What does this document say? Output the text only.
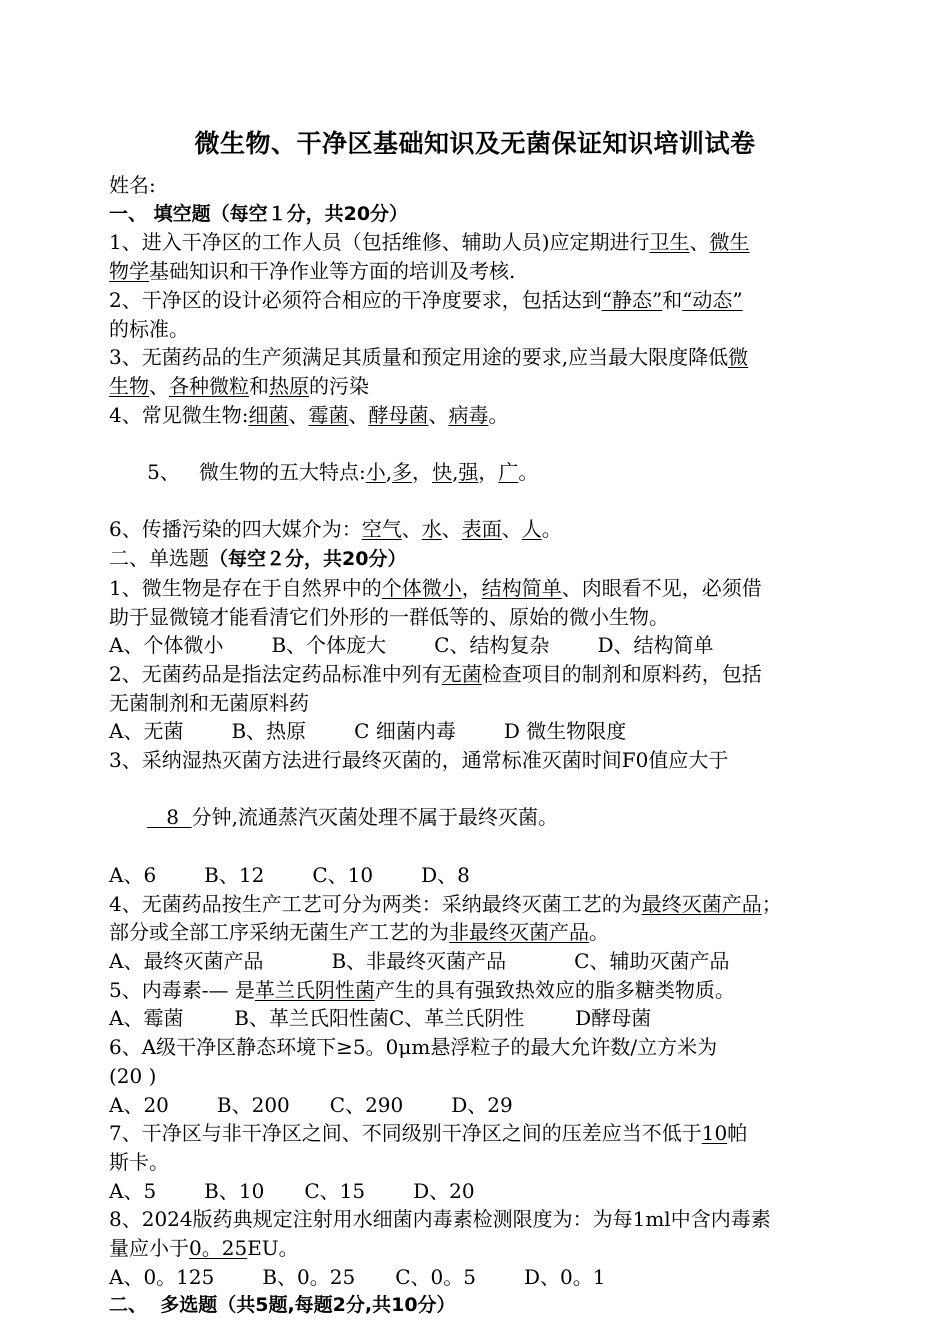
微生物、干净区基础知识及无菌保证知识培训试卷
姓名:
一、 填空题（每空１分，共20分）
1、进入干净区的工作人员（包括维修、辅助人员)应定期进行卫生、微生
物学基础知识和干净作业等方面的培训及考核.
2、干净区的设计必须符合相应的干净度要求，包括达到“静态”和“动态”
的标准。
3、无菌药品的生产须满足其质量和预定用途的要求,应当最大限度降低微
生物、各种微粒和热原的污染
4、常见微生物:细菌、霉菌、酵母菌、病毒。

5、   微生物的五大特点:小,多，快,强，广。

6、传播污染的四大媒介为：空气、水、表面、人。
二、单选题（每空２分，共20分）
1、微生物是存在于自然界中的个体微小，结构简单、肉眼看不见，必须借
助于显微镜才能看清它们外形的一群低等的、原始的微小生物。
A、个体微小 B、个体庞大 C、结构复杂 D、结构简单
2、无菌药品是指法定药品标准中列有无菌检查项目的制剂和原料药，包括
无菌制剂和无菌原料药
A、无菌 B、热原 C 细菌内毒 D 微生物限度
3、采纳湿热灭菌方法进行最终灭菌的，通常标准灭菌时间F0值应大于

8  分钟,流通蒸汽灭菌处理不属于最终灭菌。

A、6 B、12 C、10 D、8
4、无菌药品按生产工艺可分为两类：采纳最终灭菌工艺的为最终灭菌产品；
部分或全部工序采纳无菌生产工艺的为非最终灭菌产品。
A、最终灭菌产品	B、非最终灭菌产品	C、辅助灭菌产品
5、内毒素-— 是革兰氏阴性菌产生的具有强致热效应的脂多糖类物质。
A、霉菌        B、革兰氏阳性菌C、革兰氏阴性        D酵母菌
6、A级干净区静态环境下≥5。0μm悬浮粒子的最大允许数/立方米为
(20 )
A、20 B、200 C、290 D、29
7、干净区与非干净区之间、不同级别干净区之间的压差应当不低于10帕
斯卡。
A、5 B、10 C、15 D、20
8、2024版药典规定注射用水细菌内毒素检测限度为：为每1ml中含内毒素
量应小于0。25EU。
A、0。125 B、0。25 C、0。5 D、0。1
二、  多选题（共5题,每题2分,共10分）
